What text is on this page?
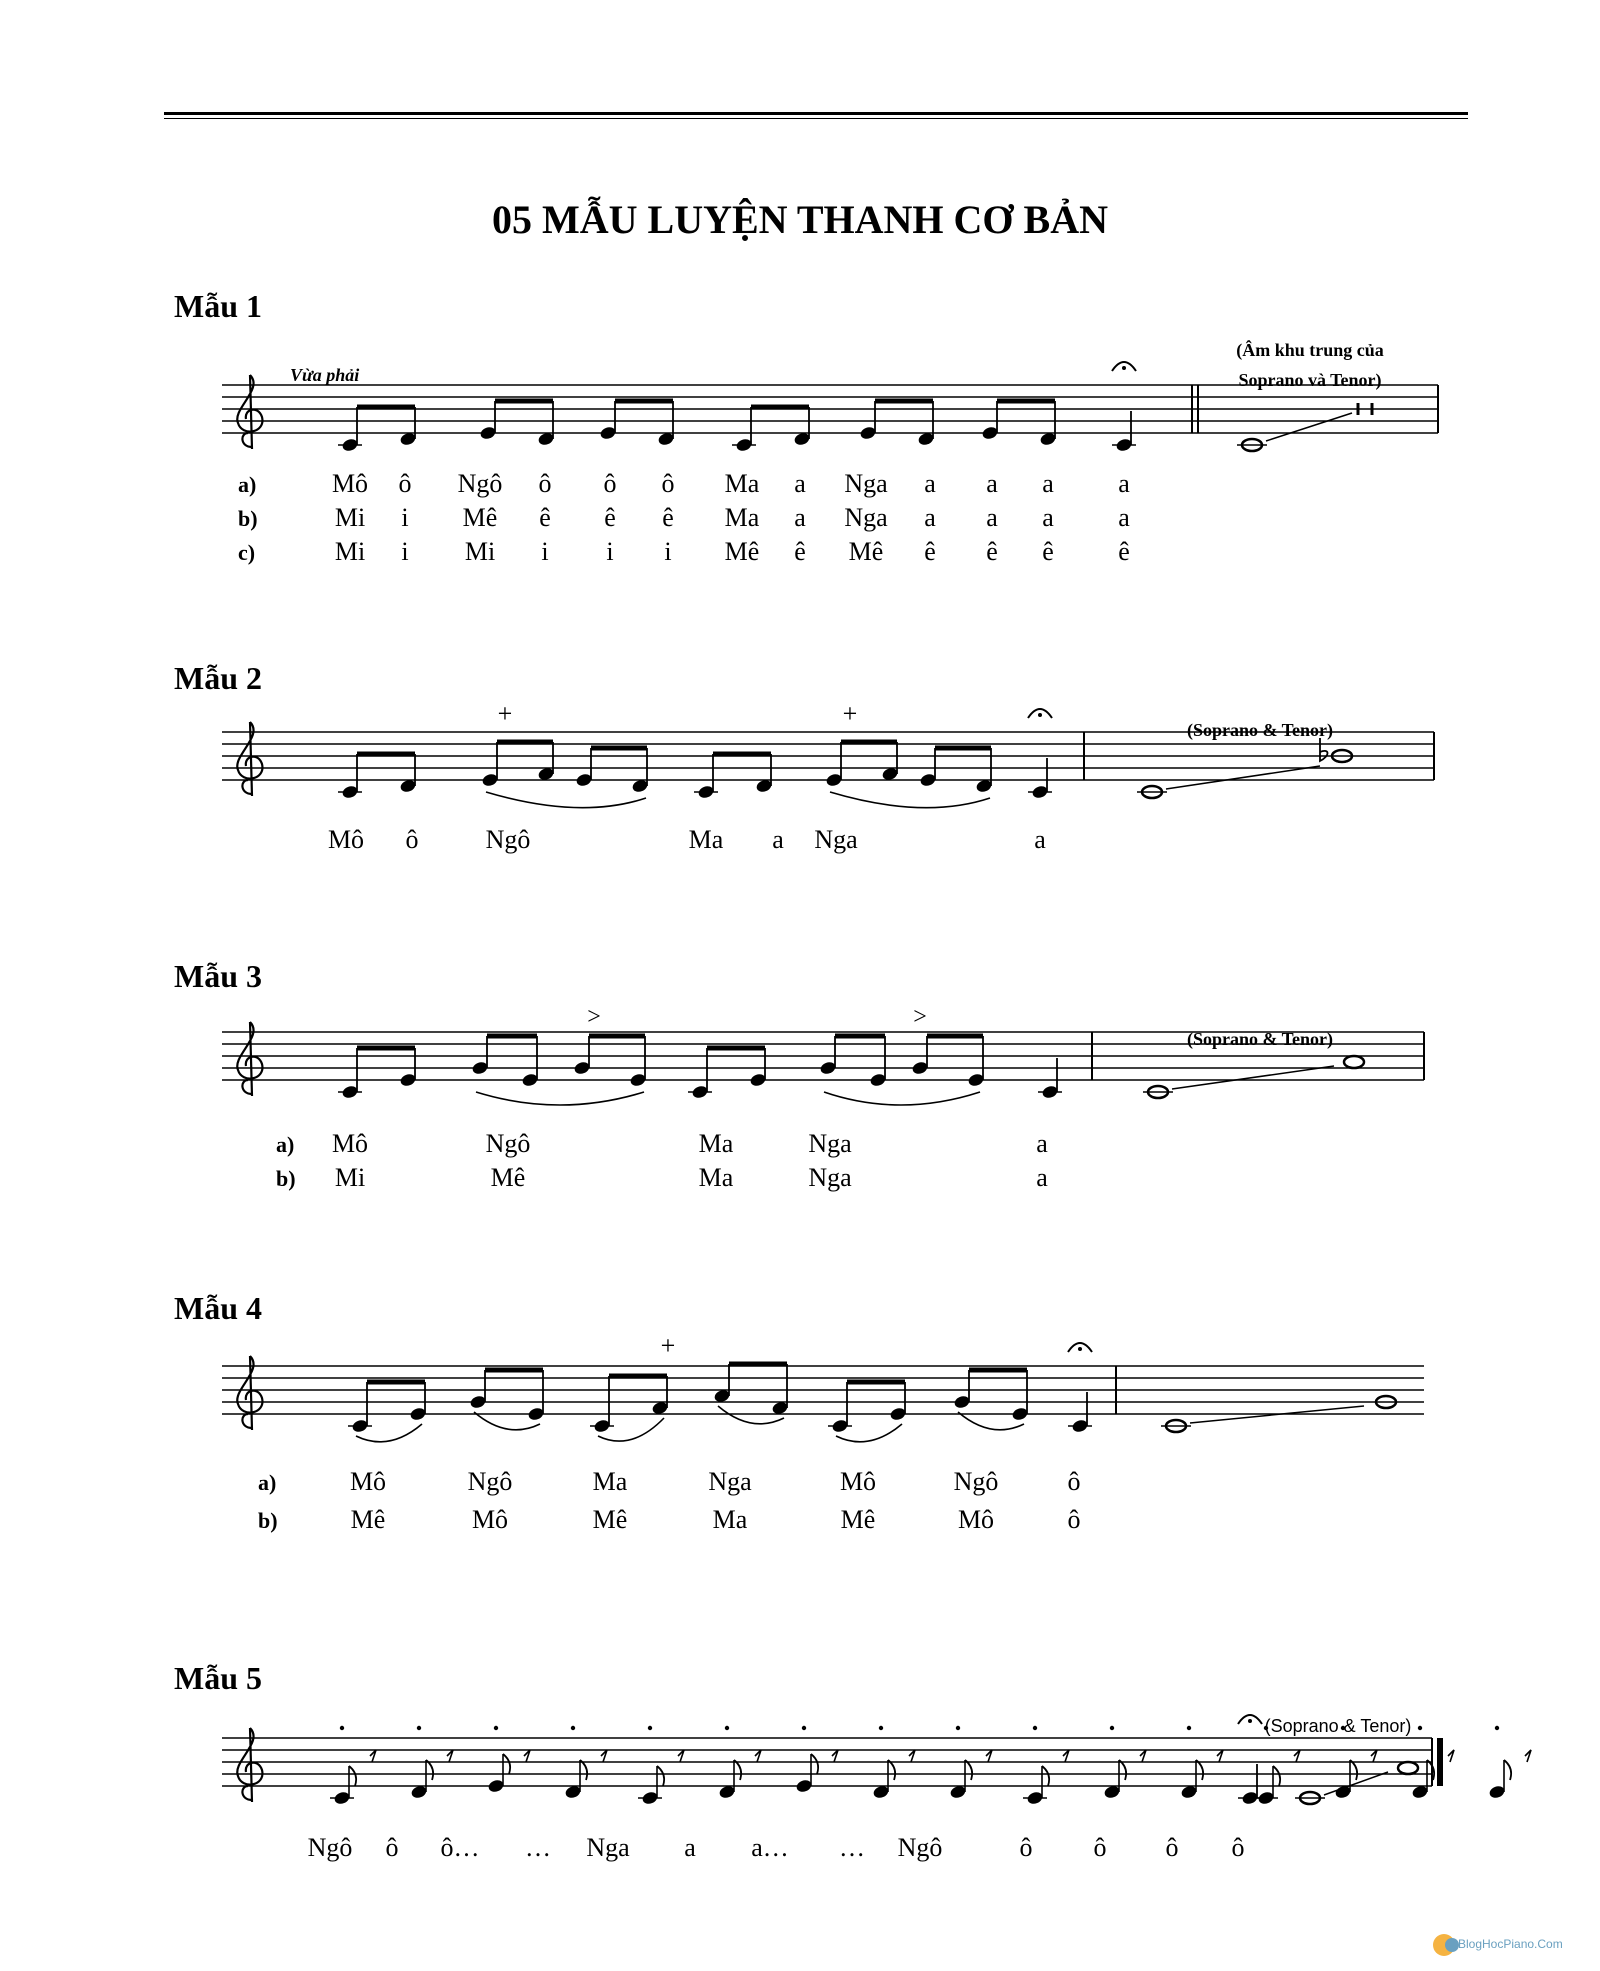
05 MẪU LUYỆN THANH CƠ BẢN
Mẫu 1
Mẫu 2
Mẫu 3
Mẫu 4
Mẫu 5
Vừa phải
(Âm khu trung của
Soprano và Tenor)
a)	Mô ô Ngô ô ô ô Ma a Nga a a a a
b)	Mi i Mê ê ê ê Ma a Nga a a a a
c)	Mi i Mi i i i Mê ê Mê ê ê ê ê
+	+
(Soprano & Tenor)
Mô ô	Ngô	Ma a Nga	a
>	>
(Soprano & Tenor)
a) Mô	Ngô	Ma	Nga	a
b) Mi	Mê	Ma	Nga	a
+
a)	Mô	Ngô	Ma	Nga	Mô	Ngô	ô
b)	Mê	Mô	Mê	Ma	Mê	Mô	ô
(Soprano & Tenor)
Ngô ô ô… … Nga a a… … Ngô	ô ô ô ô
BlogHocPiano.Com
